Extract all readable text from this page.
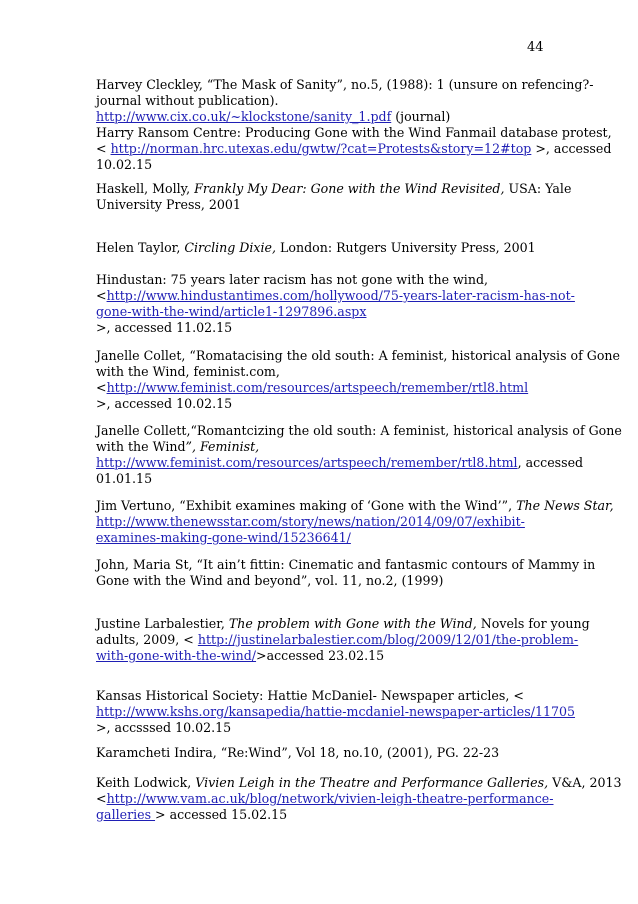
44
Harvey Cleckley, “The Mask of Sanity”, no.5, (1988): 1 (unsure on refencing?-
journal without publication).
http://www.cix.co.uk/~klockstone/sanity_1.pdf (journal)
Harry Ransom Centre: Producing Gone with the Wind Fanmail database protest,
< http://norman.hrc.utexas.edu/gwtw/?cat=Protests&story=12#top >, accessed
10.02.15
Haskell, Molly, Frankly My Dear: Gone with the Wind Revisited, USA: Yale
University Press, 2001
Helen Taylor, Circling Dixie, London: Rutgers University Press, 2001
Hindustan: 75 years later racism has not gone with the wind,
<http://www.hindustantimes.com/hollywood/75-years-later-racism-has-not-
gone-with-the-wind/article1-1297896.aspx
>, accessed 11.02.15
Janelle Collet, “Romatacising the old south: A feminist, historical analysis of Gone
with the Wind, feminist.com,
<http://www.feminist.com/resources/artspeech/remember/rtl8.html
>, accessed 10.02.15
Janelle Collett,“Romantcizing the old south: A feminist, historical analysis of Gone
with the Wind”, Feminist,
http://www.feminist.com/resources/artspeech/remember/rtl8.html, accessed
01.01.15
Jim Vertuno, “Exhibit examines making of ‘Gone with the Wind’”, The News Star,
http://www.thenewsstar.com/story/news/nation/2014/09/07/exhibit-
examines-making-gone-wind/15236641/
John, Maria St, “It ain’t fittin: Cinematic and fantasmic contours of Mammy in
Gone with the Wind and beyond”, vol. 11, no.2, (1999)
Justine Larbalestier, The problem with Gone with the Wind, Novels for young
adults, 2009, < http://justinelarbalestier.com/blog/2009/12/01/the-problem-
with-gone-with-the-wind/>accessed 23.02.15
Kansas Historical Society: Hattie McDaniel- Newspaper articles, <
http://www.kshs.org/kansapedia/hattie-mcdaniel-newspaper-articles/11705
>, accsssed 10.02.15
Karamcheti Indira, “Re:Wind”, Vol 18, no.10, (2001), PG. 22-23
Keith Lodwick, Vivien Leigh in the Theatre and Performance Galleries, V&A, 2013
<http://www.vam.ac.uk/blog/network/vivien-leigh-theatre-performance-
galleries > accessed 15.02.15
